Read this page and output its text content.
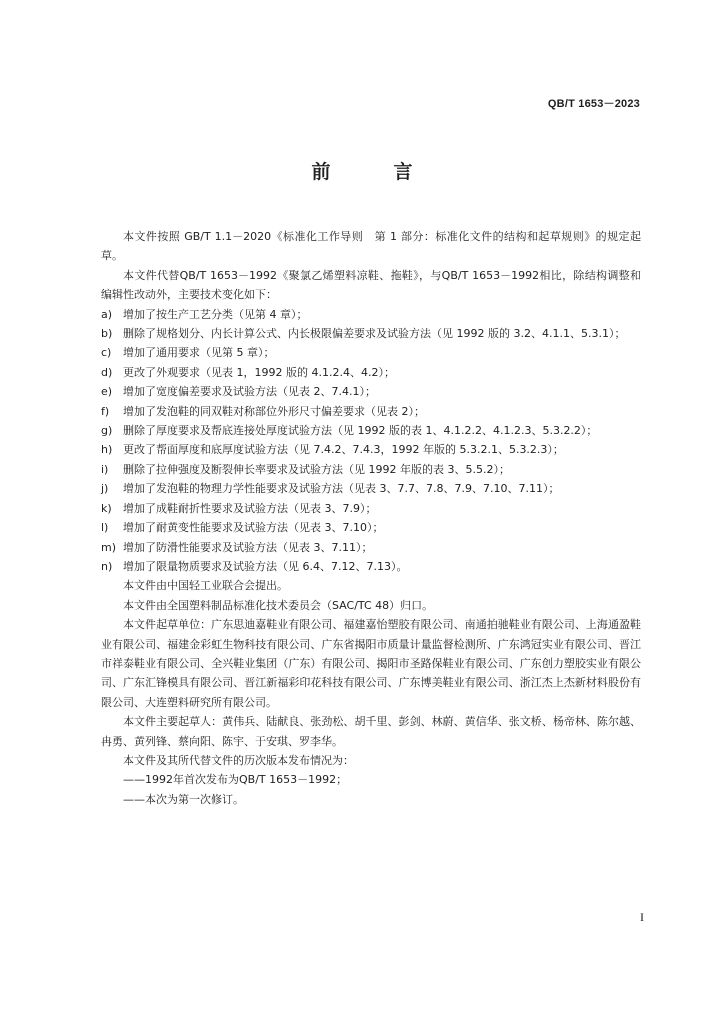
QB/T 1653－2023
前　言

本文件按照 GB/T 1.1－2020《标准化工作导则　第 1 部分：标准化文件的结构和起草规则》的规定起草。

本文件代替QB/T 1653－1992《聚氯乙烯塑料凉鞋、拖鞋》，与QB/T 1653－1992相比，除结构调整和编辑性改动外，主要技术变化如下：

a) 增加了按生产工艺分类（见第 4 章）；

b) 删除了规格划分、内长计算公式、内长极限偏差要求及试验方法（见 1992 版的 3.2、4.1.1、5.3.1）；

c)	增加了通用要求（见第 5 章）；

d) 更改了外观要求（见表 1，1992 版的 4.1.2.4、4.2）；

e) 增加了宽度偏差要求及试验方法（见表 2、7.4.1）；

f)	增加了发泡鞋的同双鞋对称部位外形尺寸偏差要求（见表 2）；

g) 删除了厚度要求及帮底连接处厚度试验方法（见 1992 版的表 1、4.1.2.2、4.1.2.3、5.3.2.2）；

h) 更改了帮面厚度和底厚度试验方法（见 7.4.2、7.4.3，1992 年版的 5.3.2.1、5.3.2.3）；

i)	删除了拉伸强度及断裂伸长率要求及试验方法（见 1992 年版的表 3、5.5.2）；

j)	增加了发泡鞋的物理力学性能要求及试验方法（见表 3、7.7、7.8、7.9、7.10、7.11）；

k)	增加了成鞋耐折性要求及试验方法（见表 3、7.9）；

l)	增加了耐黄变性能要求及试验方法（见表 3、7.10）；

m) 增加了防滑性能要求及试验方法（见表 3、7.11）；

n) 增加了限量物质要求及试验方法（见 6.4、7.12、7.13）。

本文件由中国轻工业联合会提出。

本文件由全国塑料制品标准化技术委员会（SAC/TC 48）归口。

本文件起草单位：广东思迪嘉鞋业有限公司、福建嘉怡塑胶有限公司、南通拍驰鞋业有限公司、上海通盈鞋业有限公司、福建金彩虹生物科技有限公司、广东省揭阳市质量计量监督检测所、广东鸿冠实业有限公司、晋江市祥泰鞋业有限公司、全兴鞋业集团（广东）有限公司、揭阳市圣路保鞋业有限公司、广东创力塑胶实业有限公司、广东汇锋模具有限公司、晋江新福彩印花科技有限公司、广东博美鞋业有限公司、浙江杰上杰新材料股份有限公司、大连塑料研究所有限公司。

本文件主要起草人：黄伟兵、陆献良、张劲松、胡千里、彭剑、林蔚、黄信华、张文桥、杨帝林、陈尔越、冉勇、黄列锋、蔡向阳、陈宇、于安琪、罗李华。

本文件及其所代替文件的历次版本发布情况为：

——1992年首次发布为QB/T 1653－1992；

——本次为第一次修订。

I
